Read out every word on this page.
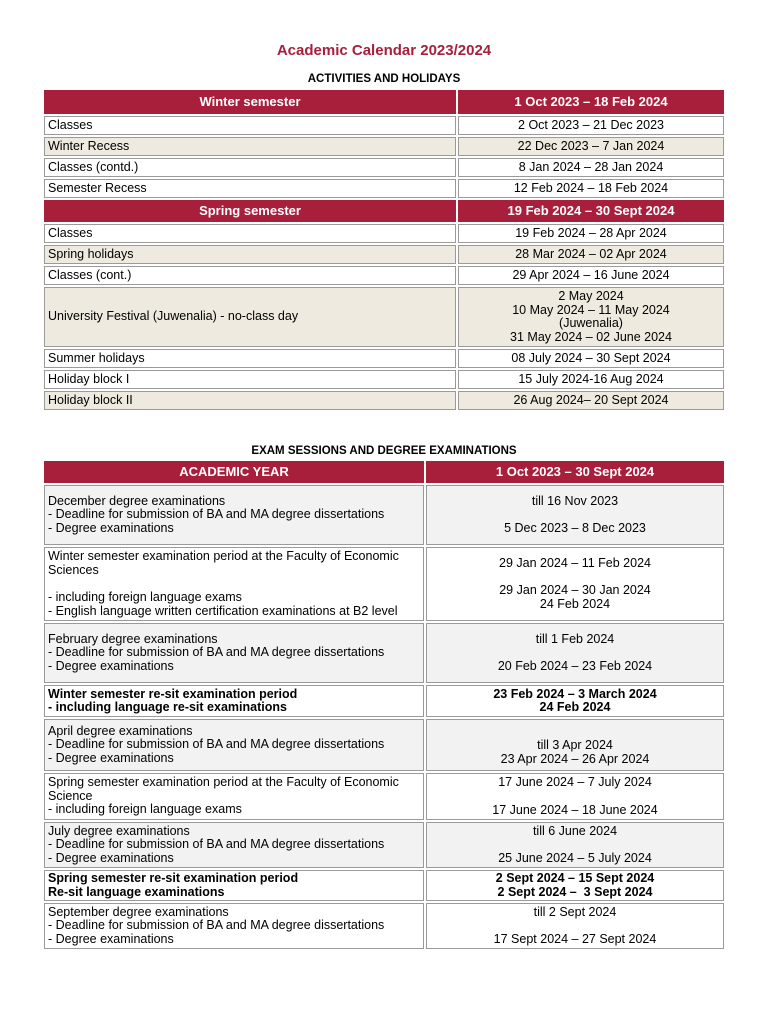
Academic Calendar 2023/2024
ACTIVITIES AND HOLIDAYS
Winter semester	1 Oct 2023 – 18 Feb 2024
Classes	2 Oct 2023 – 21 Dec 2023
Winter Recess	22 Dec 2023 – 7 Jan 2024
Classes (contd.)	8 Jan 2024 – 28 Jan 2024
Semester Recess	12 Feb 2024 – 18 Feb 2024
Spring semester	19 Feb 2024 – 30 Sept 2024
Classes	19 Feb 2024 – 28 Apr 2024
Spring holidays	28 Mar 2024 – 02 Apr 2024
Classes (cont.)	29 Apr 2024 – 16 June 2024
University Festival (Juwenalia) - no-class day	2 May 2024
10 May 2024 – 11 May 2024
(Juwenalia)
31 May 2024 – 02 June 2024

Summer holidays	08 July 2024 – 30 Sept 2024
Holiday block I	15 July 2024-16 Aug 2024
Holiday block II	26 Aug 2024– 20 Sept 2024
EXAM SESSIONS AND DEGREE EXAMINATIONS
ACADEMIC YEAR	1 Oct 2023 – 30 Sept 2024

December degree examinations
- Deadline for submission of BA and MA degree dissertations
- Degree examinations	till 16 Nov 2023
5 Dec 2023 – 8 Dec 2023

Winter semester examination period at the Faculty of Economic
Sciences
- including foreign language exams
- English language written certification examinations at B2 level	29 Jan 2024 – 11 Feb 2024
29 Jan 2024 – 30 Jan 2024
24 Feb 2024

February degree examinations
- Deadline for submission of BA and MA degree dissertations
- Degree examinations	till 1 Feb 2024
20 Feb 2024 – 23 Feb 2024

Winter semester re-sit examination period
- including language re-sit examinations	23 Feb 2024 – 3 March 2024
24 Feb 2024

April degree examinations
- Deadline for submission of BA and MA degree dissertations
- Degree examinations	till 3 Apr 2024
23 Apr 2024 – 26 Apr 2024

Spring semester examination period at the Faculty of Economic
Science
- including foreign language exams	17 June 2024 – 7 July 2024
17 June 2024 – 18 June 2024

July degree examinations
- Deadline for submission of BA and MA degree dissertations
- Degree examinations	till 6 June 2024
25 June 2024 – 5 July 2024

Spring semester re-sit examination period
Re-sit language examinations	2 Sept 2024 – 15 Sept 2024
2 Sept 2024 –  3 Sept 2024

September degree examinations
- Deadline for submission of BA and MA degree dissertations
- Degree examinations	till 2 Sept 2024
17 Sept 2024 – 27 Sept 2024
